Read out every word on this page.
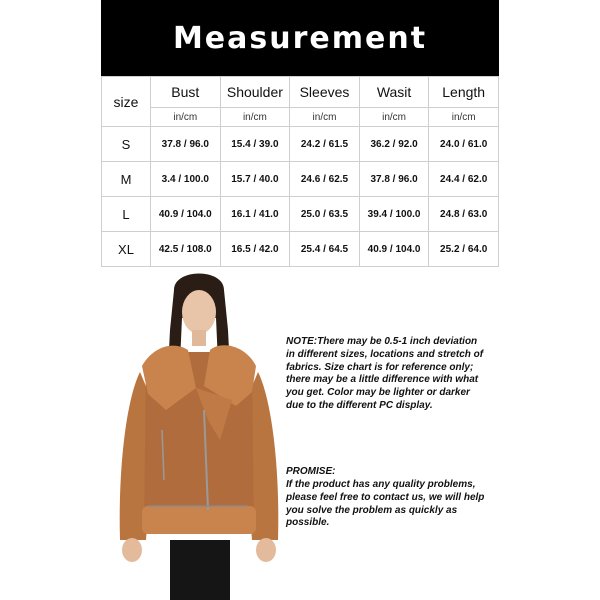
Measurement
size	Bust	Shoulder	Sleeves	Wasit	Length
	in/cm	in/cm	in/cm	in/cm	in/cm
S	37.8 / 96.0	15.4 / 39.0	24.2 / 61.5	36.2 / 92.0	24.0 / 61.0
M	3.4 / 100.0	15.7 / 40.0	24.6 / 62.5	37.8 / 96.0	24.4 / 62.0
L	40.9 / 104.0	16.1 / 41.0	25.0 / 63.5	39.4 / 100.0	24.8 / 63.0
XL	42.5 / 108.0	16.5 / 42.0	25.4 / 64.5	40.9 / 104.0	25.2 / 64.0

NOTE:There may be 0.5-1 inch deviation in different sizes, locations and stretch of fabrics. Size chart is for reference only; there may be a little difference with what you get. Color may be lighter or darker due to the different PC display.

PROMISE:

If the product has any quality problems, please feel free to contact us, we will help you solve the problem as quickly as possible.
